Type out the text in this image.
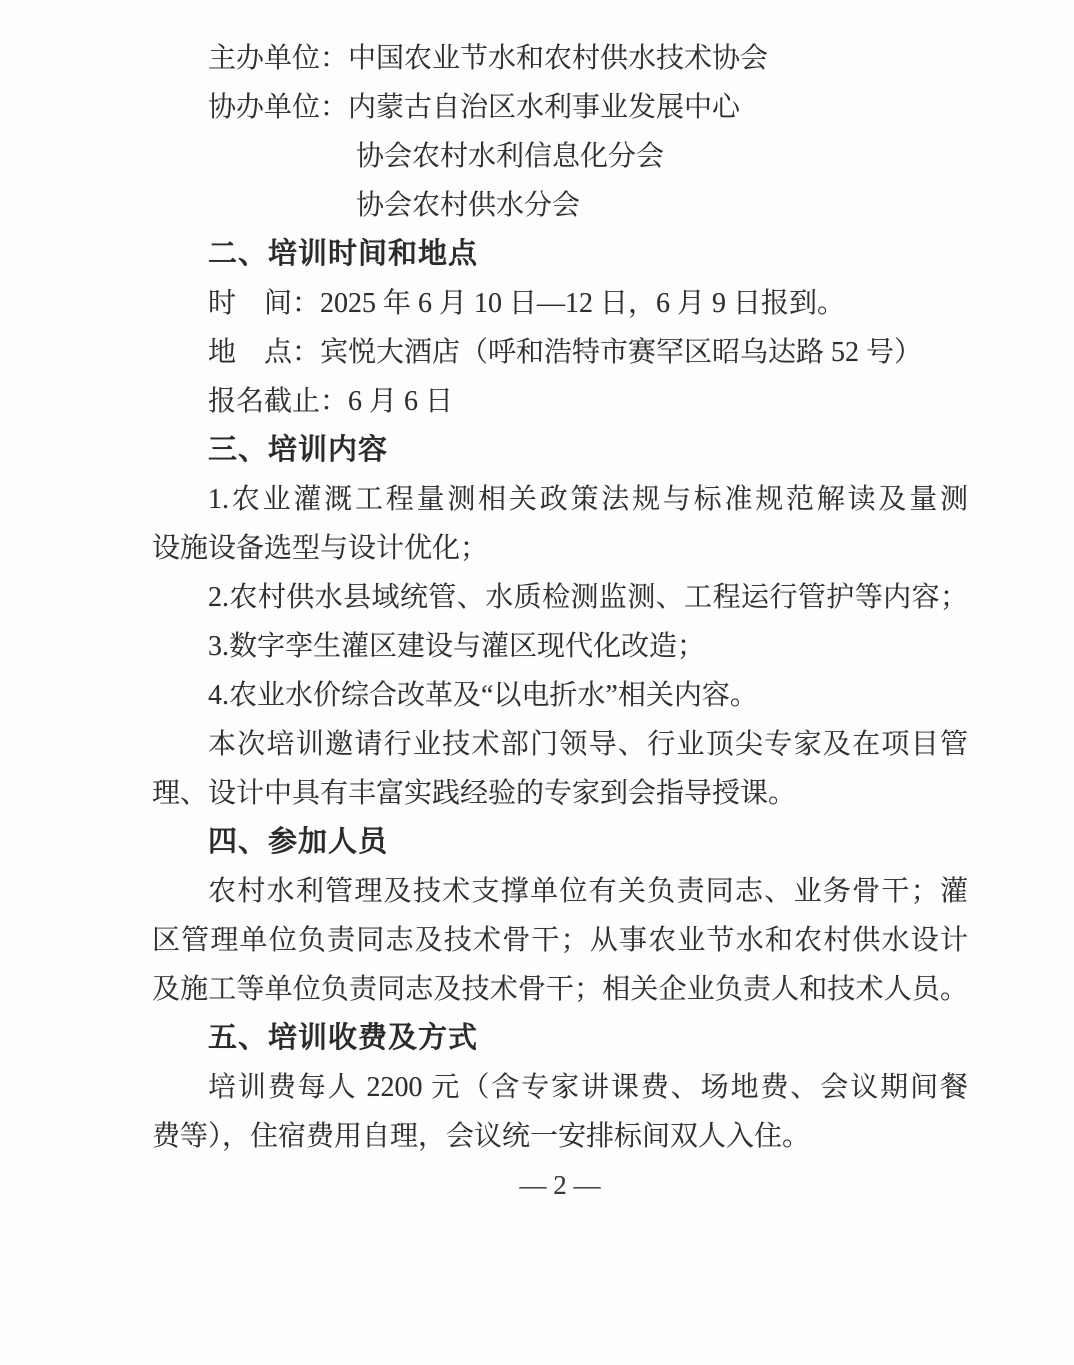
主办单位：中国农业节水和农村供水技术协会
协办单位：内蒙古自治区水利事业发展中心
协会农村水利信息化分会
协会农村供水分会
二、培训时间和地点
时　间：2025 年 6 月 10 日—12 日，6 月 9 日报到。
地　点：宾悦大酒店（呼和浩特市赛罕区昭乌达路 52 号）
报名截止：6 月 6 日
三、培训内容
1.农业灌溉工程量测相关政策法规与标准规范解读及量测
设施设备选型与设计优化；
2.农村供水县域统管、水质检测监测、工程运行管护等内容；
3.数字孪生灌区建设与灌区现代化改造；
4.农业水价综合改革及“以电折水”相关内容。
本次培训邀请行业技术部门领导、行业顶尖专家及在项目管
理、设计中具有丰富实践经验的专家到会指导授课。
四、参加人员
农村水利管理及技术支撑单位有关负责同志、业务骨干；灌
区管理单位负责同志及技术骨干；从事农业节水和农村供水设计
及施工等单位负责同志及技术骨干；相关企业负责人和技术人员。
五、培训收费及方式
培训费每人 2200 元（含专家讲课费、场地费、会议期间餐
费等），住宿费用自理，会议统一安排标间双人入住。
— 2 —
